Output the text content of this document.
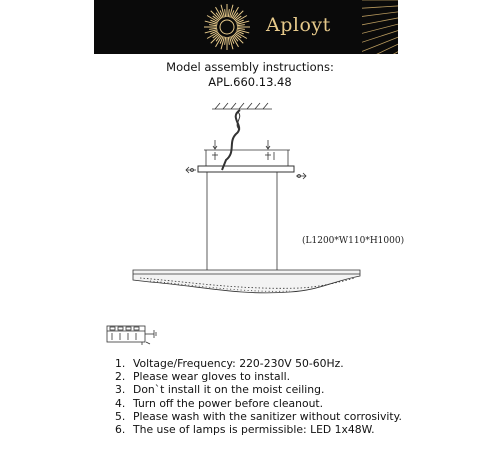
Aployt
Model assembly instructions:
APL.660.13.48
(L1200*W110*H1000)
1. Voltage/Frequency: 220-230V 50-60Hz.
2. Please wear gloves to install.
3. Don`t install it on the moist ceiling.
4. Turn off the power before cleanout.
5. Please wash with the sanitizer without corrosivity.
6. The use of lamps is permissible: LED 1x48W.
